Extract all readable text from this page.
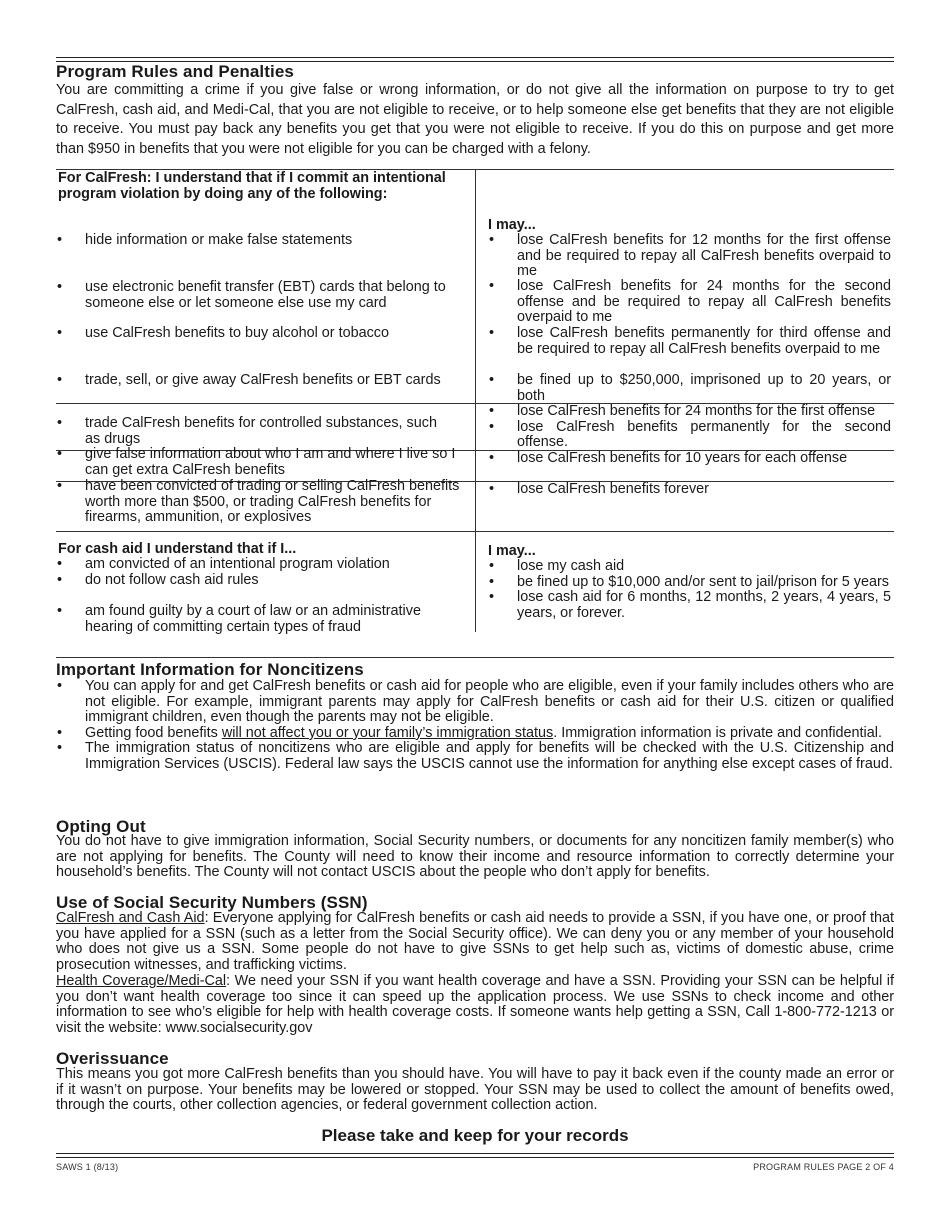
Program Rules and Penalties

You are committing a crime if you give false or wrong information, or do not give all the information on purpose to try to get CalFresh, cash aid, and Medi-Cal, that you are not eligible to receive, or to help someone else get benefits that they are not eligible to receive. You must pay back any benefits you get that you were not eligible to receive. If you do this on purpose and get more than $950 in benefits that you were not eligible for you can be charged with a felony.

For CalFresh: I understand that if I commit an intentional program violation by doing any of the following:

I may...

• hide information or make false statements
• use electronic benefit transfer (EBT) cards that belong to someone else or let someone else use my card
• use CalFresh benefits to buy alcohol or tobacco
• trade, sell, or give away CalFresh benefits or EBT cards
• lose CalFresh benefits for 12 months for the first offense and be required to repay all CalFresh benefits overpaid to me
• lose CalFresh benefits for 24 months for the second offense and be required to repay all CalFresh benefits overpaid to me
• lose CalFresh benefits permanently for third offense and be required to repay all CalFresh benefits overpaid to me
• be fined up to $250,000, imprisoned up to 20 years, or both
• trade CalFresh benefits for controlled substances, such as drugs
• lose CalFresh benefits for 24 months for the first offense
• lose CalFresh benefits permanently for the second offense.
• give false information about who I am and where I live so I can get extra CalFresh benefits
• lose CalFresh benefits for 10 years for each offense
• have been convicted of trading or selling CalFresh benefits worth more than $500, or trading CalFresh benefits for firearms, ammunition, or explosives
• lose CalFresh benefits forever

For cash aid I understand that if I...

• am convicted of an intentional program violation
• do not follow cash aid rules
• am found guilty by a court of law or an administrative hearing of committing certain types of fraud

I may...

• lose my cash aid
• be fined up to $10,000 and/or sent to jail/prison for 5 years
• lose cash aid for 6 months, 12 months, 2 years, 4 years, 5 years, or forever.
Important Information for Noncitizens
• You can apply for and get CalFresh benefits or cash aid for people who are eligible, even if your family includes others who are not eligible. For example, immigrant parents may apply for CalFresh benefits or cash aid for their U.S. citizen or qualified immigrant children, even though the parents may not be eligible.
• Getting food benefits will not affect you or your family’s immigration status. Immigration information is private and confidential.
• The immigration status of noncitizens who are eligible and apply for benefits will be checked with the U.S. Citizenship and Immigration Services (USCIS). Federal law says the USCIS cannot use the information for anything else except cases of fraud.
Opting Out

You do not have to give immigration information, Social Security numbers, or documents for any noncitizen family member(s) who are not applying for benefits. The County will need to know their income and resource information to correctly determine your household’s benefits. The County will not contact USCIS about the people who don’t apply for benefits.

Use of Social Security Numbers (SSN)

CalFresh and Cash Aid: Everyone applying for CalFresh benefits or cash aid needs to provide a SSN, if you have one, or proof that you have applied for a SSN (such as a letter from the Social Security office). We can deny you or any member of your household who does not give us a SSN. Some people do not have to give SSNs to get help such as, victims of domestic abuse, crime prosecution witnesses, and trafficking victims.

Health Coverage/Medi-Cal: We need your SSN if you want health coverage and have a SSN. Providing your SSN can be helpful if you don’t want health coverage too since it can speed up the application process. We use SSNs to check income and other information to see who’s eligible for help with health coverage costs. If someone wants help getting a SSN, Call 1-800-772-1213 or visit the website: www.socialsecurity.gov

Overissuance

This means you got more CalFresh benefits than you should have. You will have to pay it back even if the county made an error or if it wasn’t on purpose. Your benefits may be lowered or stopped. Your SSN may be used to collect the amount of benefits owed, through the courts, other collection agencies, or federal government collection action.

Please take and keep for your records

SAWS 1 (8/13)	PROGRAM RULES PAGE 2 OF 4
